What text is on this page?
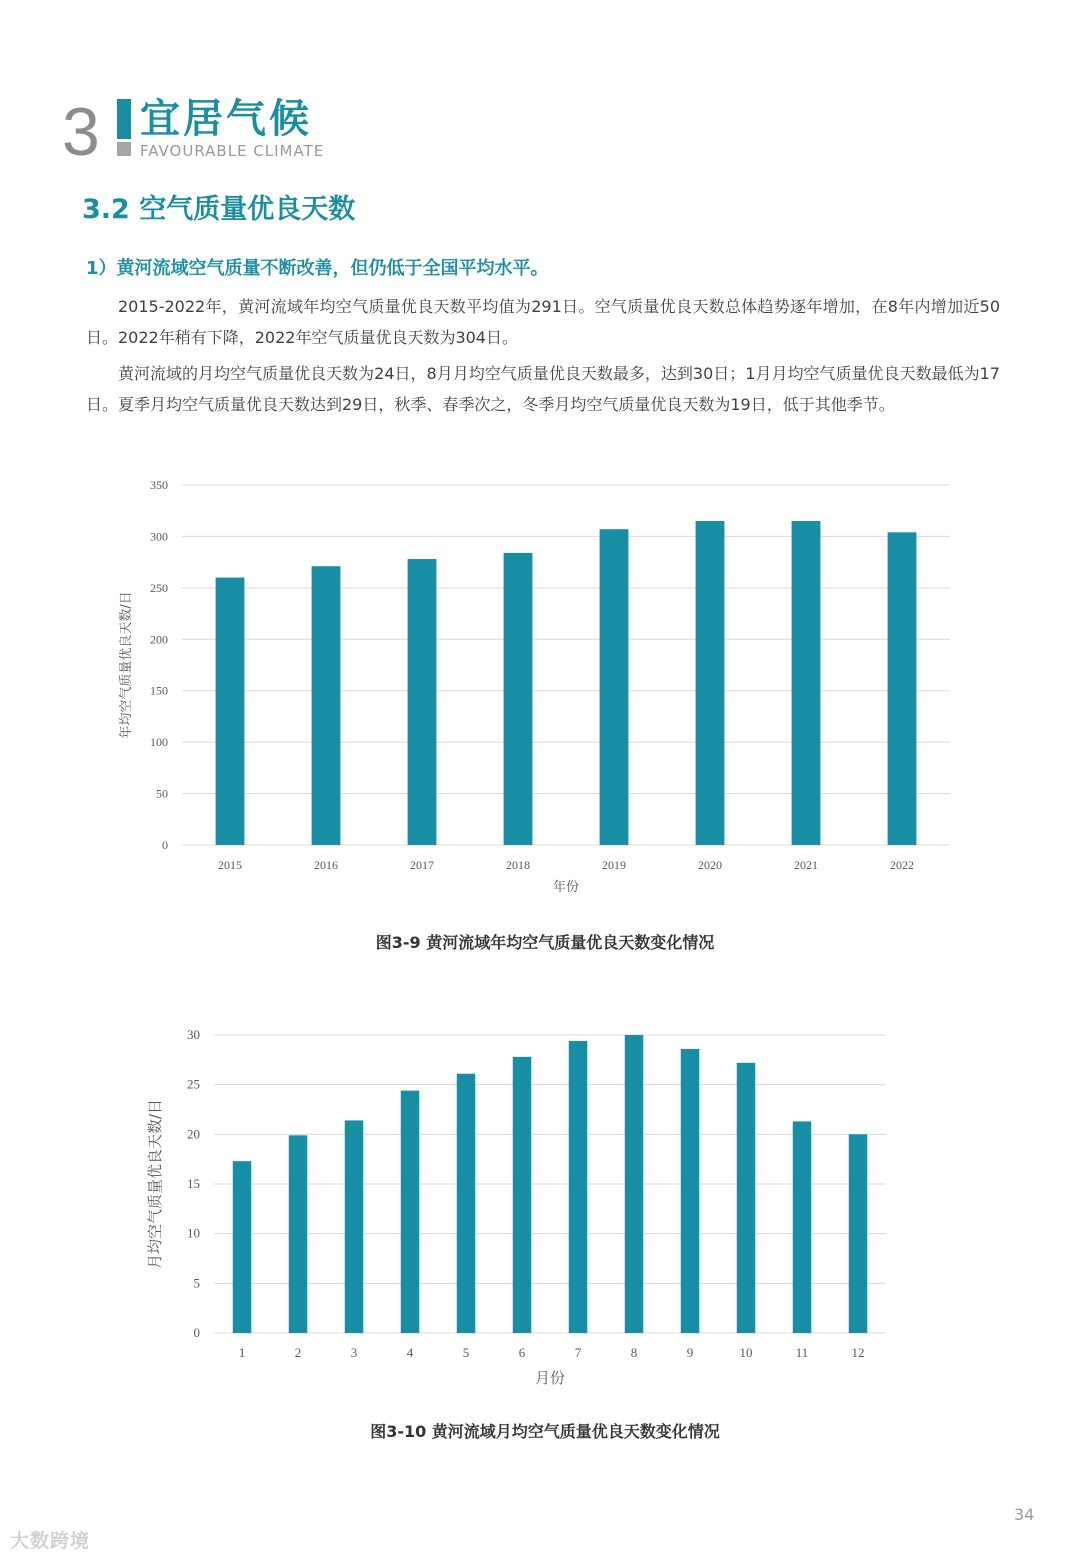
3 宜居气候
FAVOURABLE CLIMATE
3.2 空气质量优良天数
1）黄河流域空气质量不断改善，但仍低于全国平均水平。

2015-2022年，黄河流域年均空气质量优良天数平均值为291日。空气质量优良天数总体趋势逐年增加，在8年内增加近50日。2022年稍有下降，2022年空气质量优良天数为304日。

黄河流域的月均空气质量优良天数为24日，8月月均空气质量优良天数最多，达到30日；1月月均空气质量优良天数最低为17日。夏季月均空气质量优良天数达到29日，秋季、春季次之，冬季月均空气质量优良天数为19日，低于其他季节。

0
50
100
150
200
250
300
350
2015	2016	2017	2018	2019	2020	2021	2022
年份
年均空气质量优良天数/日
图3-9 黄河流域年均空气质量优良天数变化情况
0
5
10
15
20
25
30
1	2	3	4	5	6	7	8	9	10	11	12
月份
月均空气质量优良天数/日
图3-10 黄河流域月均空气质量优良天数变化情况
34
大数跨境
